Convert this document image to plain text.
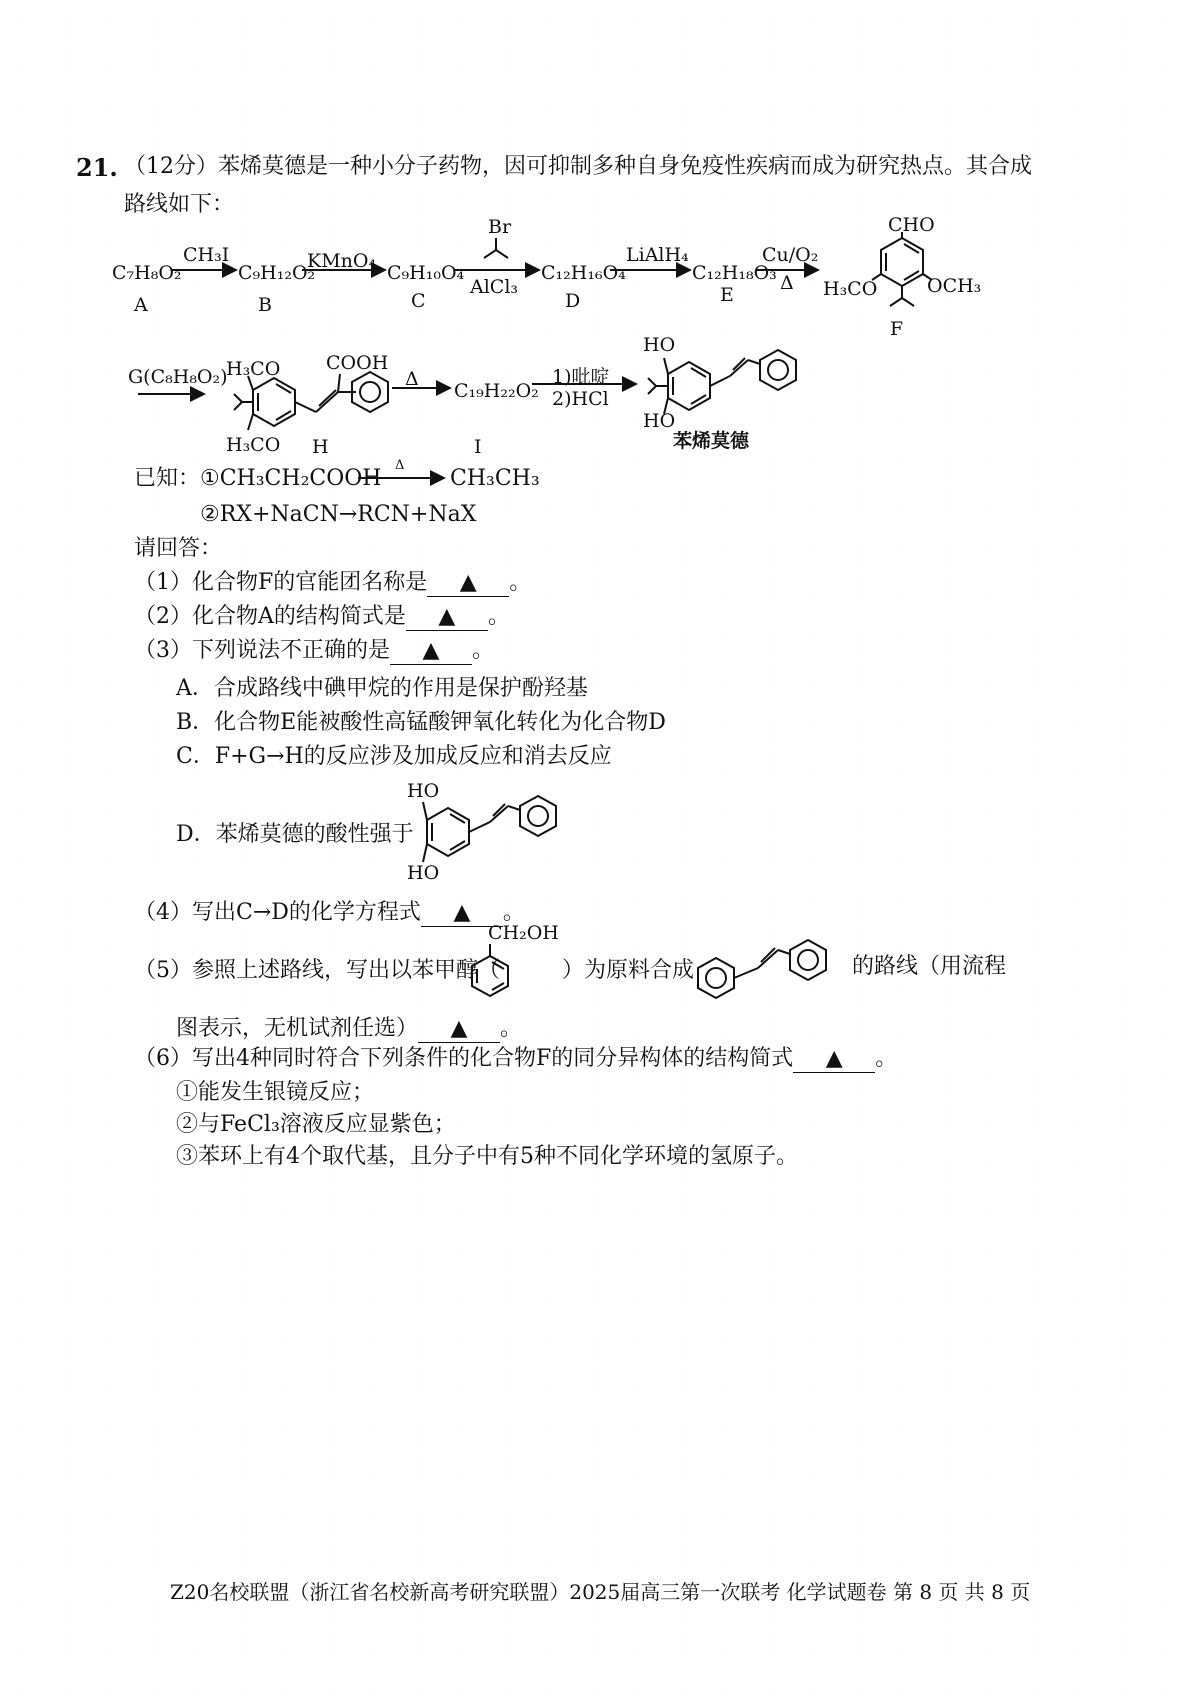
21. （12分）苯烯莫德是一种小分子药物，因可抑制多种自身免疫性疾病而成为研究热点。其合成
路线如下：
C₇H₈O₂
A
CH₃I
C₉H₁₂O₂
B
KMnO₄
C₉H₁₀O₄
C
Br
AlCl₃
C₁₂H₁₆O₄
D
LiAlH₄
C₁₂H₁₈O₃
E
Cu/O₂
Δ
CHO
H₃CO	OCH₃
F
G(C₈H₈O₂)
H₃CO
H₃CO
COOH
H
Δ
C₁₉H₂₂O₂
I
1)吡啶
2)HCl
HO
HO
苯烯莫德
已知： ①CH₃CH₂COOH
Δ
CH₃CH₃
②RX+NaCN→RCN+NaX
请回答：
（1）化合物F的官能团名称是 ▲ 。
（2）化合物A的结构简式是 ▲ 。
（3）下列说法不正确的是 ▲ 。
A．合成路线中碘甲烷的作用是保护酚羟基
B．化合物E能被酸性高锰酸钾氧化转化为化合物D
C．F+G→H的反应涉及加成反应和消去反应
D．苯烯莫德的酸性强于
HO
HO
（4）写出C→D的化学方程式 ▲ 。
（5）参照上述路线，写出以苯甲醇（
CH₂OH
）为原料合成	的路线（用流程
图表示，无机试剂任选） ▲ 。
（6）写出4种同时符合下列条件的化合物F的同分异构体的结构简式 ▲ 。
①能发生银镜反应；
②与FeCl₃溶液反应显紫色；
③苯环上有4个取代基，且分子中有5种不同化学环境的氢原子。
Z20名校联盟（浙江省名校新高考研究联盟）2025届高三第一次联考 化学试题卷 第 8 页 共 8 页
